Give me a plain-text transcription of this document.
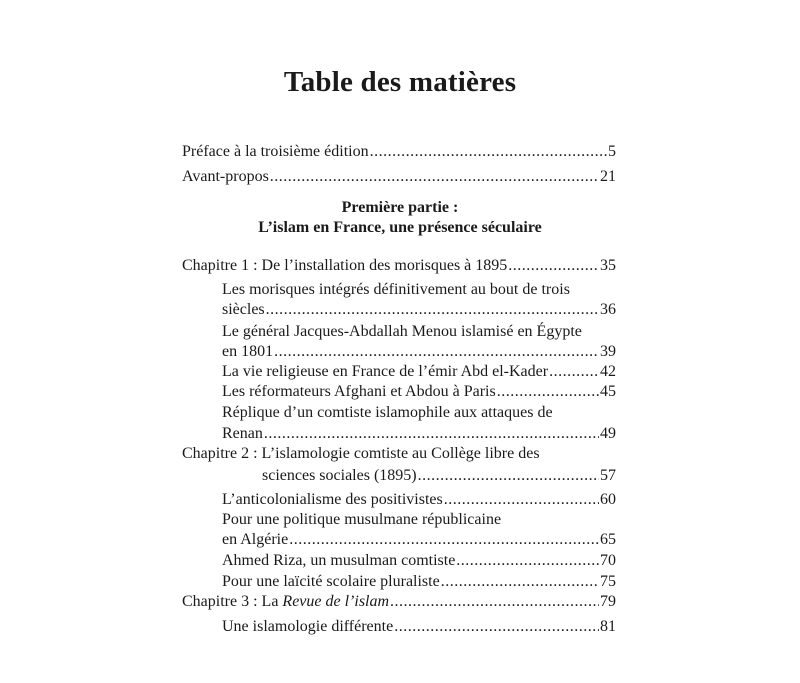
Table des matières
Préface à la troisième édition .....	5
Avant-propos .....	21
Première partie :
L’islam en France, une présence séculaire
Chapitre 1 : De l’installation des morisques à 1895 .....	35
Les morisques intégrés définitivement au bout de trois
siècles .....	36
Le général Jacques-Abdallah Menou islamisé en Égypte
en 1801 .....	39
La vie religieuse en France de l’émir Abd el-Kader .....	42
Les réformateurs Afghani et Abdou à Paris .....	45
Réplique d’un comtiste islamophile aux attaques de
Renan .....	49
Chapitre 2 : L’islamologie comtiste au Collège libre des
sciences sociales (1895) .....	57
L’anticolonialisme des positivistes .....	60
Pour une politique musulmane républicaine
en Algérie .....	65
Ahmed Riza, un musulman comtiste .....	70
Pour une laïcité scolaire pluraliste .....	75
Chapitre 3 : La Revue de l’islam .....	79
Une islamologie différente .....	81
